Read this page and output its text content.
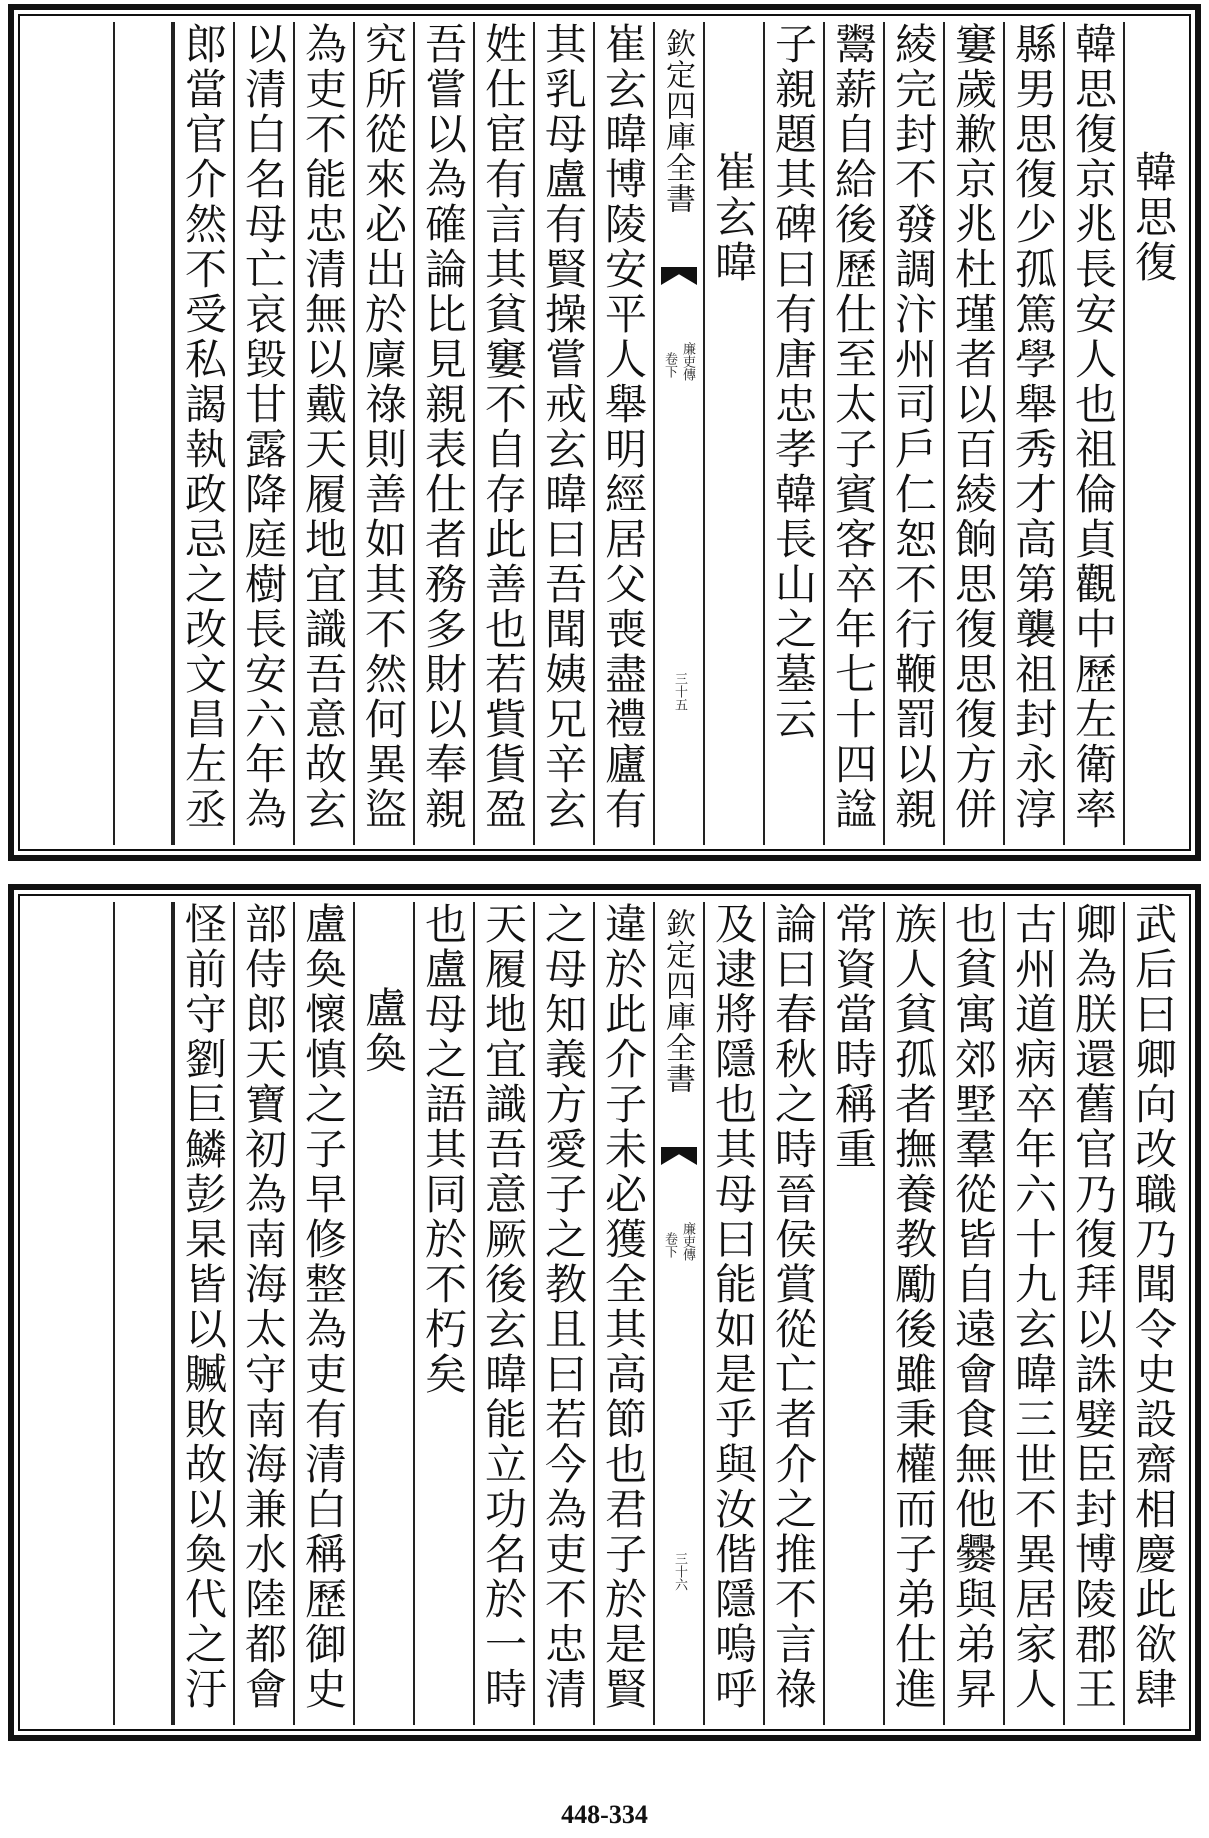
韓思復
韓思復京兆長安人也祖倫貞觀中歷左衛率
縣男思復少孤篤學舉秀才高第襲祖封永淳
窶歲歉京兆杜瑾者以百綾餉思復思復方併
綾完封不發調汴州司戶仁恕不行鞭罰以親
鬻薪自給後歷仕至太子賓客卒年七十四諡
子親題其碑曰有唐忠孝韓長山之墓云
崔玄暐
欽定四庫全書
廉吏傳
卷下
三十五
崔玄暐博陵安平人舉明經居父喪盡禮廬有
其乳母盧有賢操嘗戒玄暐曰吾聞姨兄辛玄
姓仕宦有言其貧窶不自存此善也若貲貨盈
吾嘗以為確論比見親表仕者務多財以奉親
究所從來必出於廩祿則善如其不然何異盜
為吏不能忠清無以戴天履地宜識吾意故玄
以清白名母亡哀毀甘露降庭樹長安六年為
郎當官介然不受私謁執政忌之改文昌左丞
武后曰卿向改職乃聞令史設齋相慶此欲肆
卿為朕還舊官乃復拜以誅嬖臣封博陵郡王
古州道病卒年六十九玄暐三世不異居家人
也貧寓郊墅羣從皆自遠會食無他爨與弟昇
族人貧孤者撫養教勵後雖秉權而子弟仕進
常資當時稱重
論曰春秋之時晉侯賞從亡者介之推不言祿
及逮將隱也其母曰能如是乎與汝偕隱嗚呼
欽定四庫全書
廉吏傳
卷下
三十六
違於此介子未必獲全其高節也君子於是賢
之母知義方愛子之教且曰若今為吏不忠清
天履地宜識吾意厥後玄暐能立功名於一時
也盧母之語其同於不朽矣
盧奐
盧奐懷慎之子早修整為吏有清白稱歷御史
部侍郎天寶初為南海太守南海兼水陸都會
怪前守劉巨鱗彭杲皆以贓敗故以奐代之汙
448-334
